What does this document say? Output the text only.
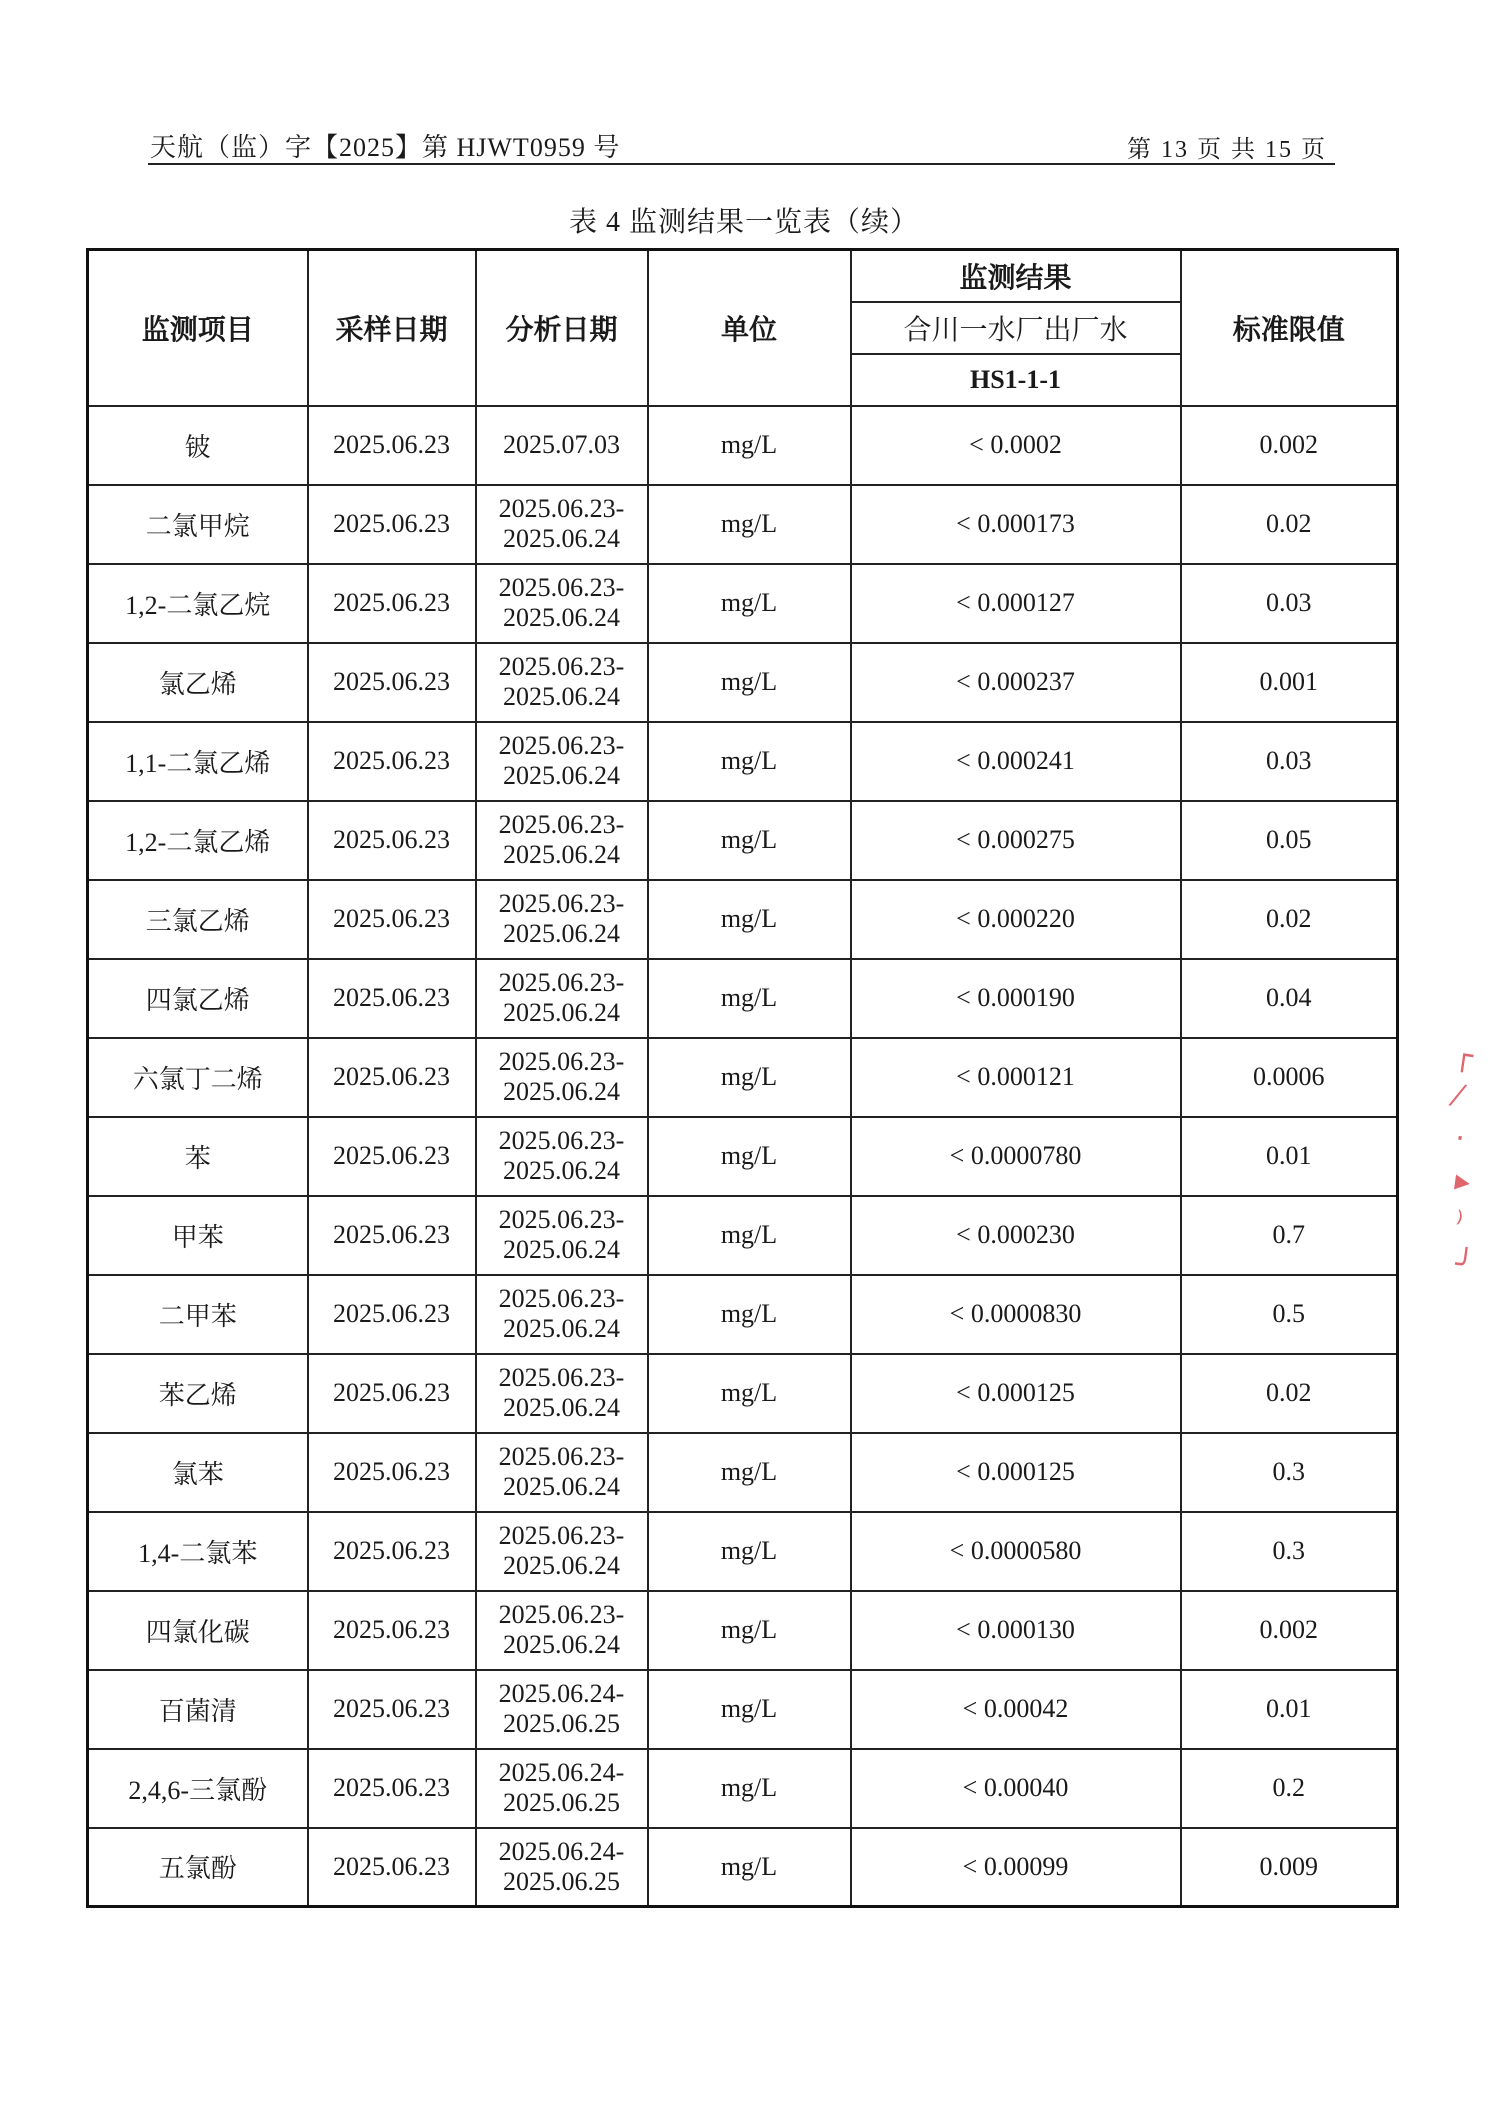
天航（监）字【2025】第 HJWT0959 号	第 13 页 共 15 页
表 4 监测结果一览表（续）
监测项目	采样日期	分析日期	单位	监测结果	标准限值
				合川一水厂出厂水	
				HS1-1-1	
铍	2025.06.23	2025.07.03	mg/L	< 0.0002	0.002
二氯甲烷	2025.06.23	2025.06.23-
2025.06.24	mg/L	< 0.000173	0.02
1,2-二氯乙烷	2025.06.23	2025.06.23-
2025.06.24	mg/L	< 0.000127	0.03
氯乙烯	2025.06.23	2025.06.23-
2025.06.24	mg/L	< 0.000237	0.001
1,1-二氯乙烯	2025.06.23	2025.06.23-
2025.06.24	mg/L	< 0.000241	0.03
1,2-二氯乙烯	2025.06.23	2025.06.23-
2025.06.24	mg/L	< 0.000275	0.05
三氯乙烯	2025.06.23	2025.06.23-
2025.06.24	mg/L	< 0.000220	0.02
四氯乙烯	2025.06.23	2025.06.23-
2025.06.24	mg/L	< 0.000190	0.04
六氯丁二烯	2025.06.23	2025.06.23-
2025.06.24	mg/L	< 0.000121	0.0006
苯	2025.06.23	2025.06.23-
2025.06.24	mg/L	< 0.0000780	0.01
甲苯	2025.06.23	2025.06.23-
2025.06.24	mg/L	< 0.000230	0.7
二甲苯	2025.06.23	2025.06.23-
2025.06.24	mg/L	< 0.0000830	0.5
苯乙烯	2025.06.23	2025.06.23-
2025.06.24	mg/L	< 0.000125	0.02
氯苯	2025.06.23	2025.06.23-
2025.06.24	mg/L	< 0.000125	0.3
1,4-二氯苯	2025.06.23	2025.06.23-
2025.06.24	mg/L	< 0.0000580	0.3
四氯化碳	2025.06.23	2025.06.23-
2025.06.24	mg/L	< 0.000130	0.002
百菌清	2025.06.23	2025.06.24-
2025.06.25	mg/L	< 0.00042	0.01
2,4,6-三氯酚	2025.06.23	2025.06.24-
2025.06.25	mg/L	< 0.00040	0.2
五氯酚	2025.06.23	2025.06.24-
2025.06.25	mg/L	< 0.00099	0.009
┌
⁄
·
▸
⁾
╯
